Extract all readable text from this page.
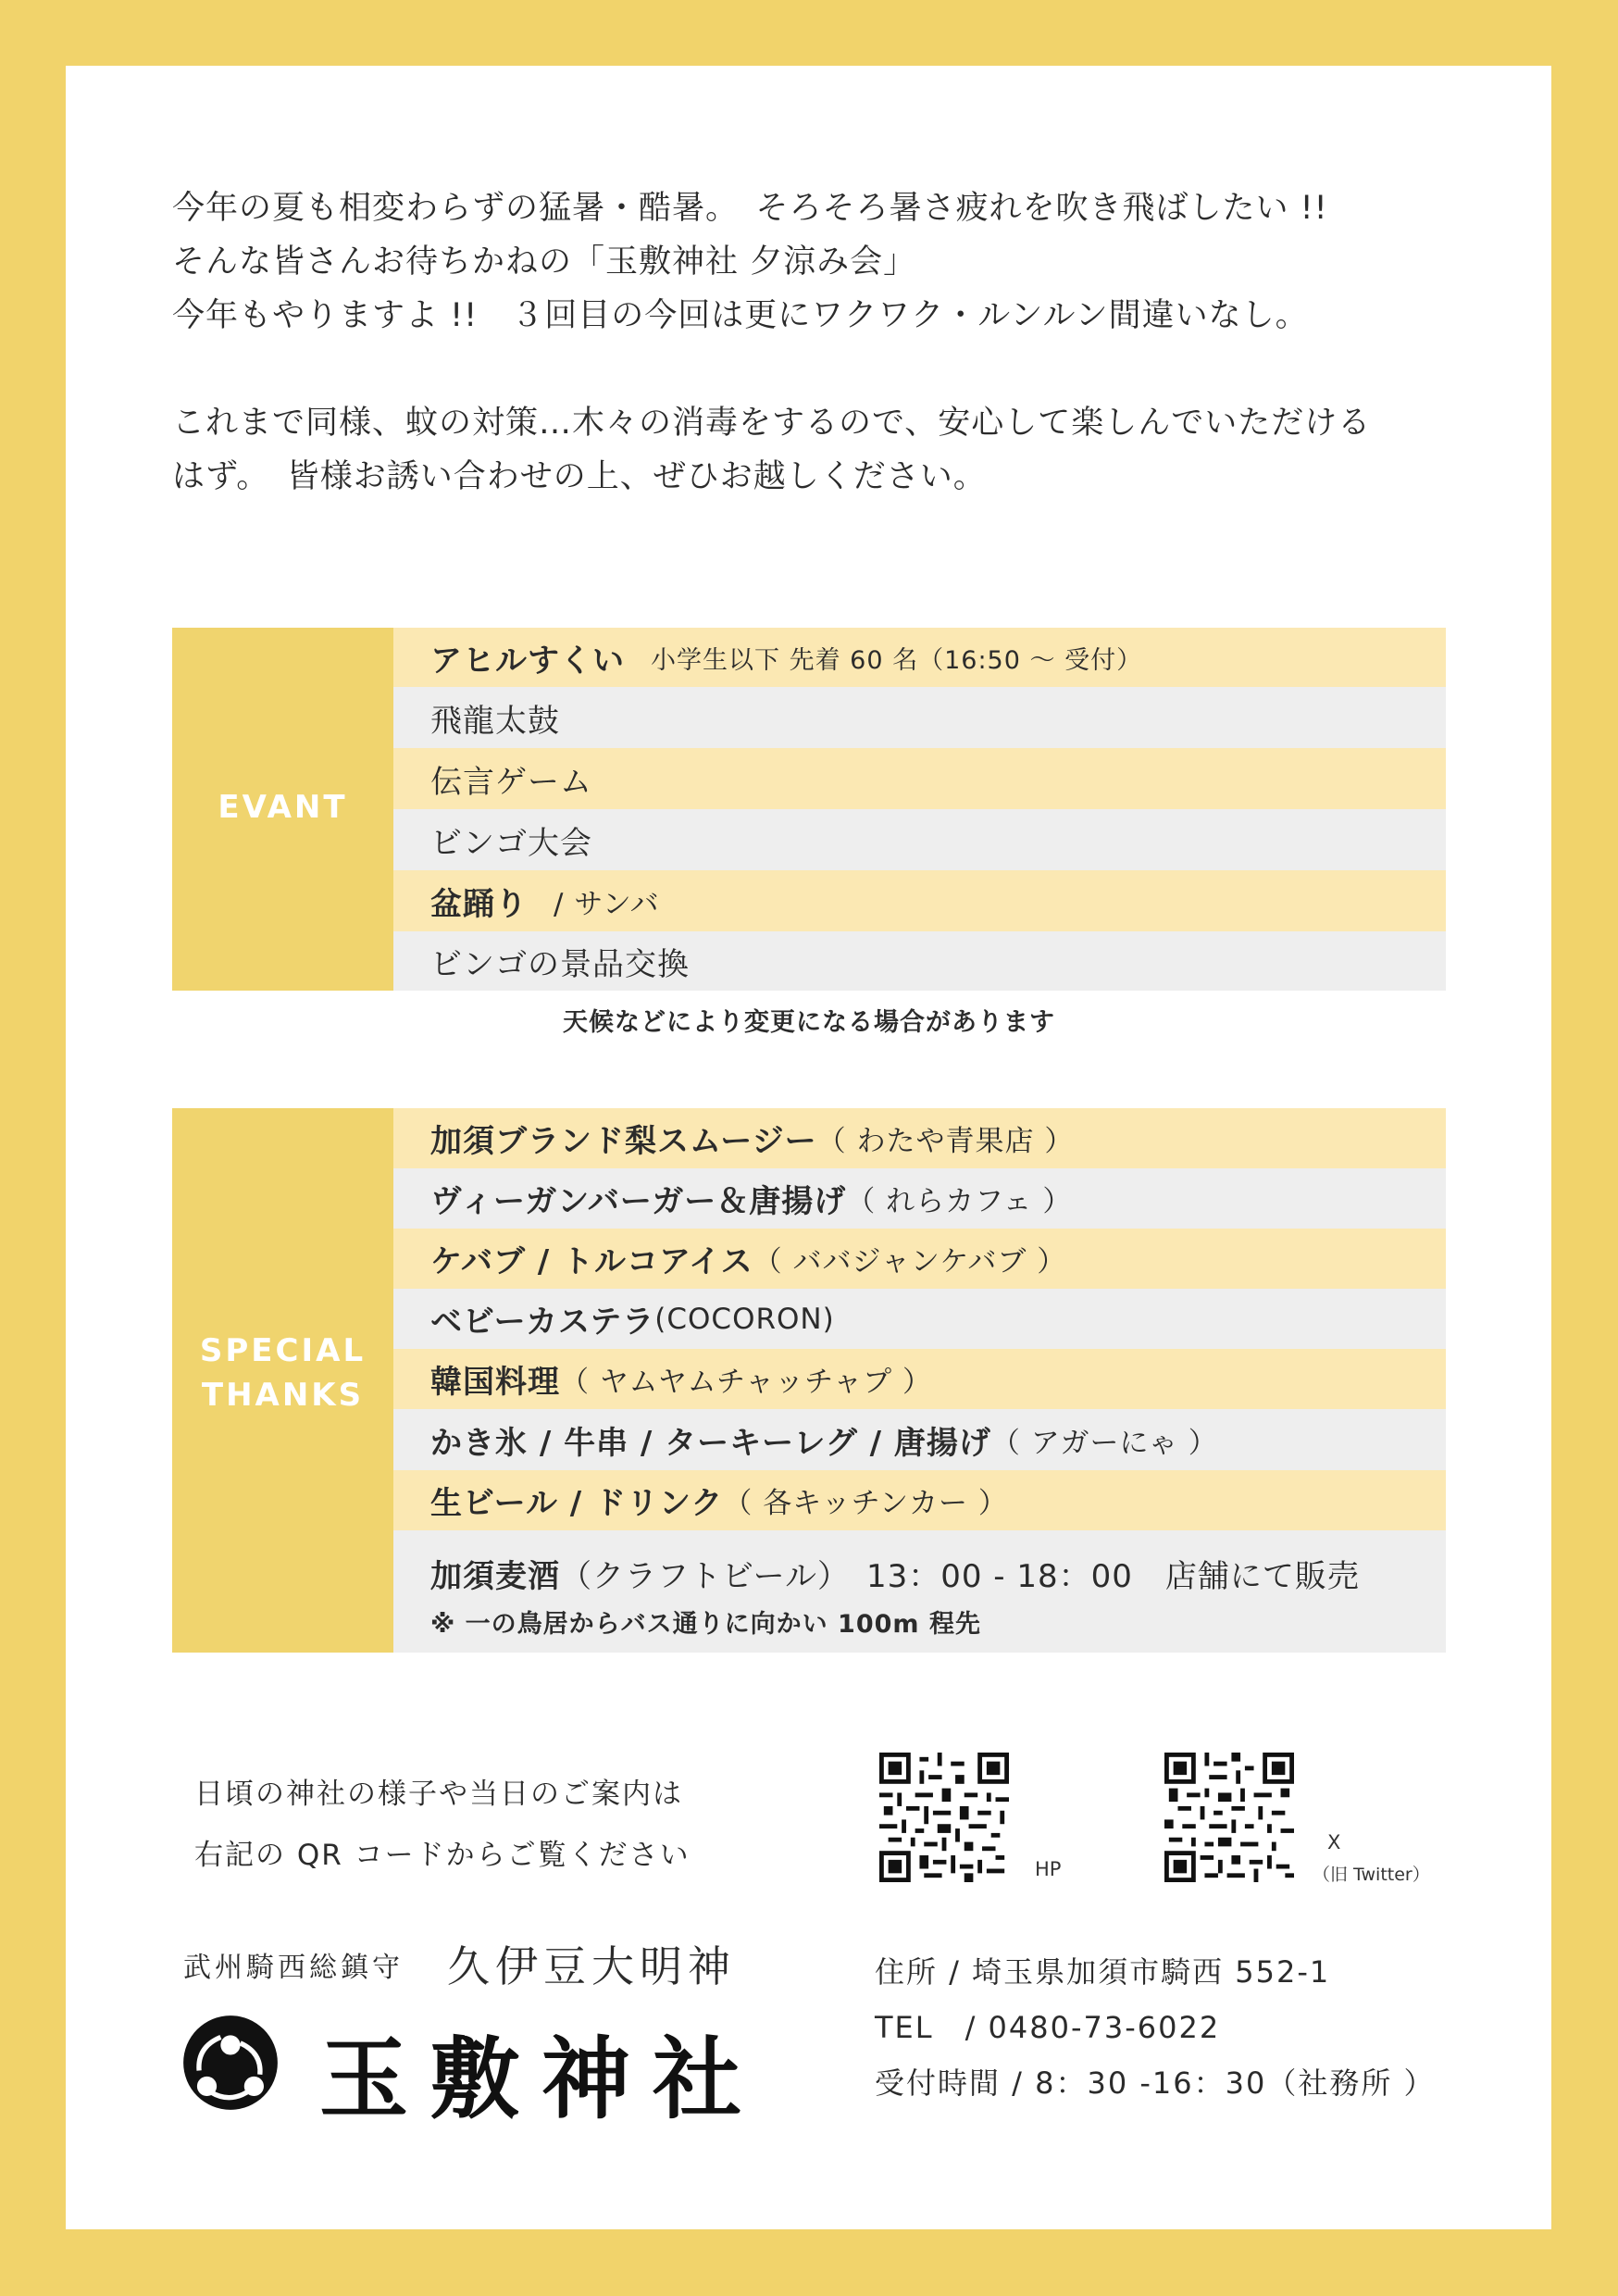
今年の夏も相変わらずの猛暑・酷暑。　そろそろ暑さ疲れを吹き飛ばしたい !!

そんな皆さんお待ちかねの「玉敷神社 夕涼み会」

今年もやりますよ !!　３回目の今回は更にワクワク・ルンルン間違いなし。

これまで同様、蚊の対策…木々の消毒をするので、安心して楽しんでいただける

はず。　皆様お誘い合わせの上、ぜひお越しください。

EVANT
アヒルすくい 小学生以下 先着 60 名（16:50 ～ 受付）
飛龍太鼓
伝言ゲーム
ビンゴ大会
盆踊り / サンバ
ビンゴの景品交換
天候などにより変更になる場合があります
SPECIAL
THANKS
加須ブランド梨スムージー （ わたや青果店 ）
ヴィーガンバーガー＆唐揚げ （ れらカフェ ）
ケバブ / トルコアイス （ ババジャンケバブ ）
ベビーカステラ (COCORON)
韓国料理 （ ヤムヤムチャッチャプ ）
かき氷 / 牛串 / ターキーレグ / 唐揚げ （ アガーにゃ ）
生ビール / ドリンク （ 各キッチンカー ）
加須麦酒（クラフトビール）　13：00 - 18：00　店舗にて販売
※ 一の鳥居からバス通りに向かい 100m 程先
日頃の神社の様子や当日のご案内は
右記の QR コードからご覧ください	HP
X
（旧 Twitter）
武州騎西総鎮守 久伊豆大明神
玉敷神社
住所 / 埼玉県加須市騎西 552-1
TEL　/ 0480-73-6022
受付時間 / 8：30 -16：30（社務所 ）
